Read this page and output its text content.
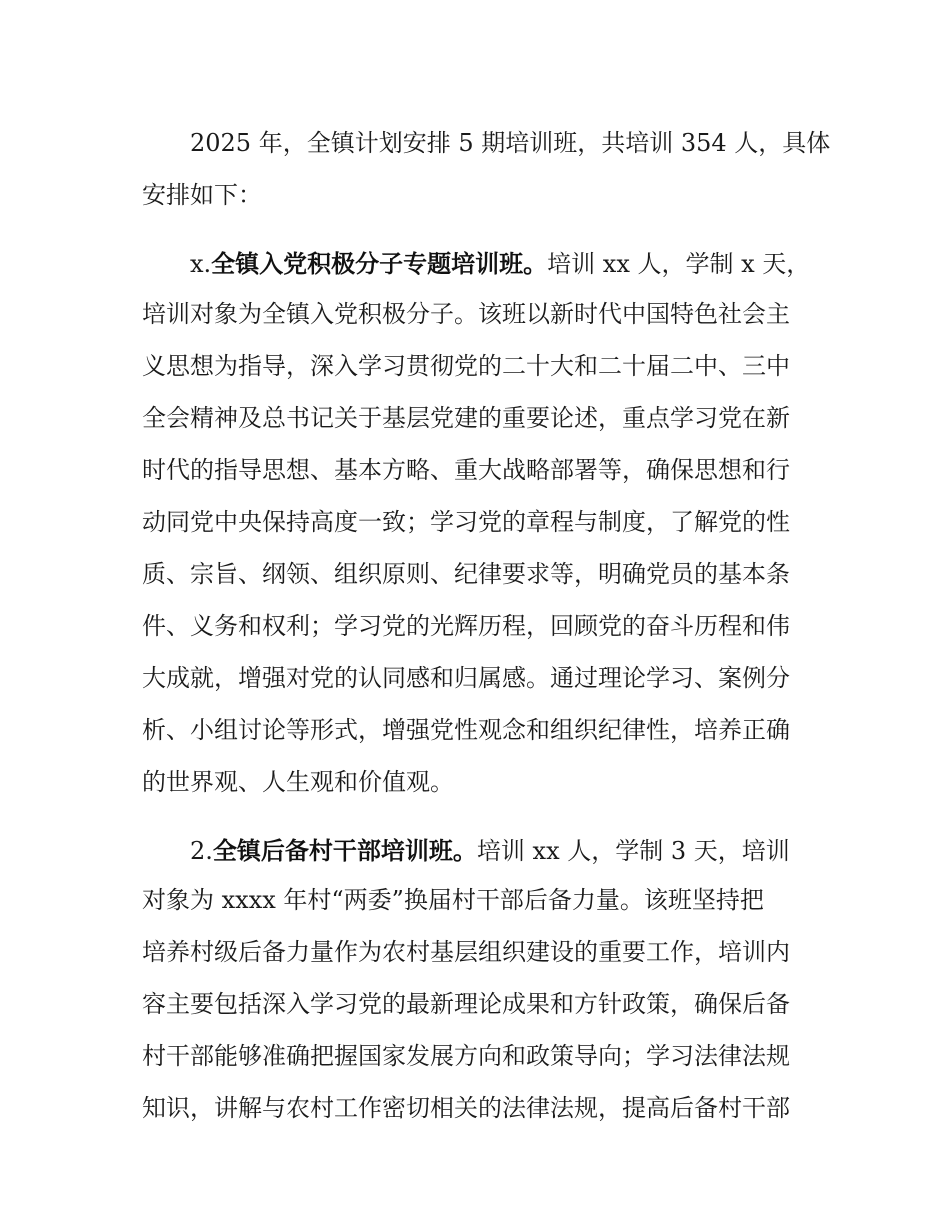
2025 年，全镇计划安排 5 期培训班，共培训 354 人，具体
安排如下：
x.全镇入党积极分子专题培训班。培训 xx 人，学制 x 天，
培训对象为全镇入党积极分子。该班以新时代中国特色社会主
义思想为指导，深入学习贯彻党的二十大和二十届二中、三中
全会精神及总书记关于基层党建的重要论述，重点学习党在新
时代的指导思想、基本方略、重大战略部署等，确保思想和行
动同党中央保持高度一致；学习党的章程与制度，了解党的性
质、宗旨、纲领、组织原则、纪律要求等，明确党员的基本条
件、义务和权利；学习党的光辉历程，回顾党的奋斗历程和伟
大成就，增强对党的认同感和归属感。通过理论学习、案例分
析、小组讨论等形式，增强党性观念和组织纪律性，培养正确
的世界观、人生观和价值观。
2.全镇后备村干部培训班。培训 xx 人，学制 3 天，培训
对象为 xxxx 年村“两委”换届村干部后备力量。该班坚持把
培养村级后备力量作为农村基层组织建设的重要工作，培训内
容主要包括深入学习党的最新理论成果和方针政策，确保后备
村干部能够准确把握国家发展方向和政策导向；学习法律法规
知识，讲解与农村工作密切相关的法律法规，提高后备村干部
